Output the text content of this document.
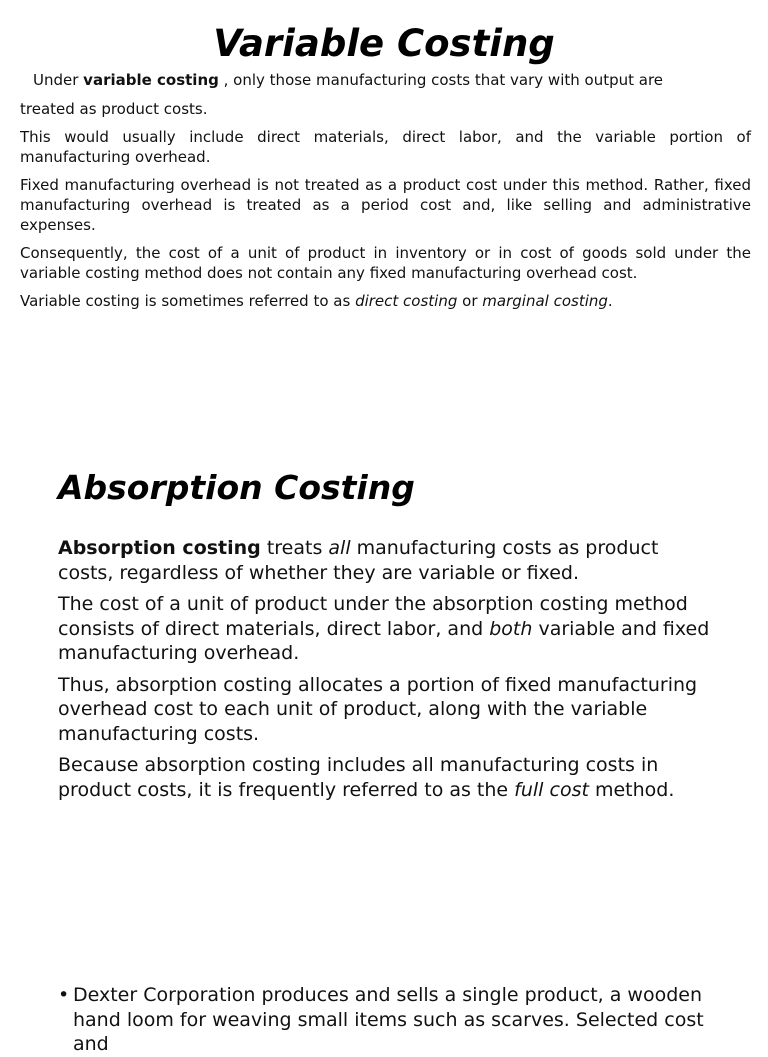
Variable Costing

Under variable costing , only those manufacturing costs that vary with output are

treated as product costs.

This would usually include direct materials, direct labor, and the variable portion of manufacturing overhead.

Fixed manufacturing overhead is not treated as a product cost under this method. Rather, fixed manufacturing overhead is treated as a period cost and, like selling and administrative expenses.

Consequently, the cost of a unit of product in inventory or in cost of goods sold under the variable costing method does not contain any fixed manufacturing overhead cost.

Variable costing is sometimes referred to as direct costing or marginal costing.

Absorption Costing

Absorption costing treats all manufacturing costs as product costs, regardless of whether they are variable or fixed.

The cost of a unit of product under the absorption costing method consists of direct materials, direct labor, and both variable and fixed manufacturing overhead.

Thus, absorption costing allocates a portion of fixed manufacturing overhead cost to each unit of product, along with the variable manufacturing costs.

Because absorption costing includes all manufacturing costs in product costs, it is frequently referred to as the full cost method.

• Dexter Corporation produces and sells a single product, a wooden hand loom for weaving small items such as scarves. Selected cost and
